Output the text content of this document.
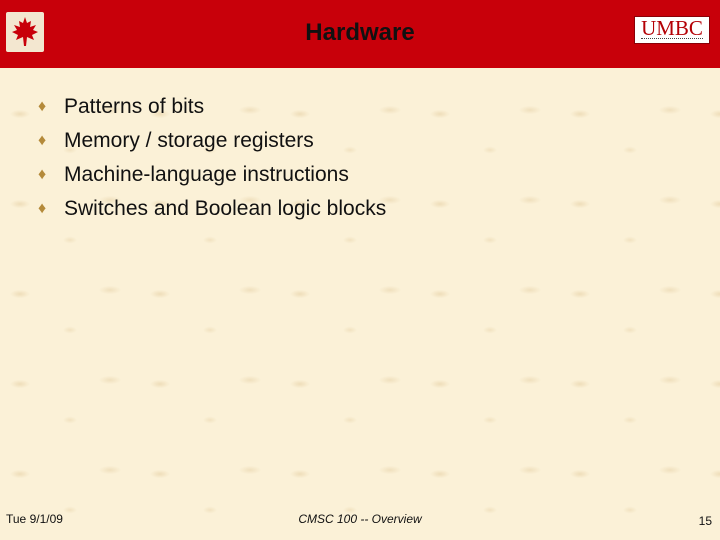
Hardware	UMBC
♦ Patterns of bits
♦ Memory / storage registers
♦ Machine-language instructions
♦ Switches and Boolean logic blocks
Tue 9/1/09	CMSC 100 -- Overview	15
